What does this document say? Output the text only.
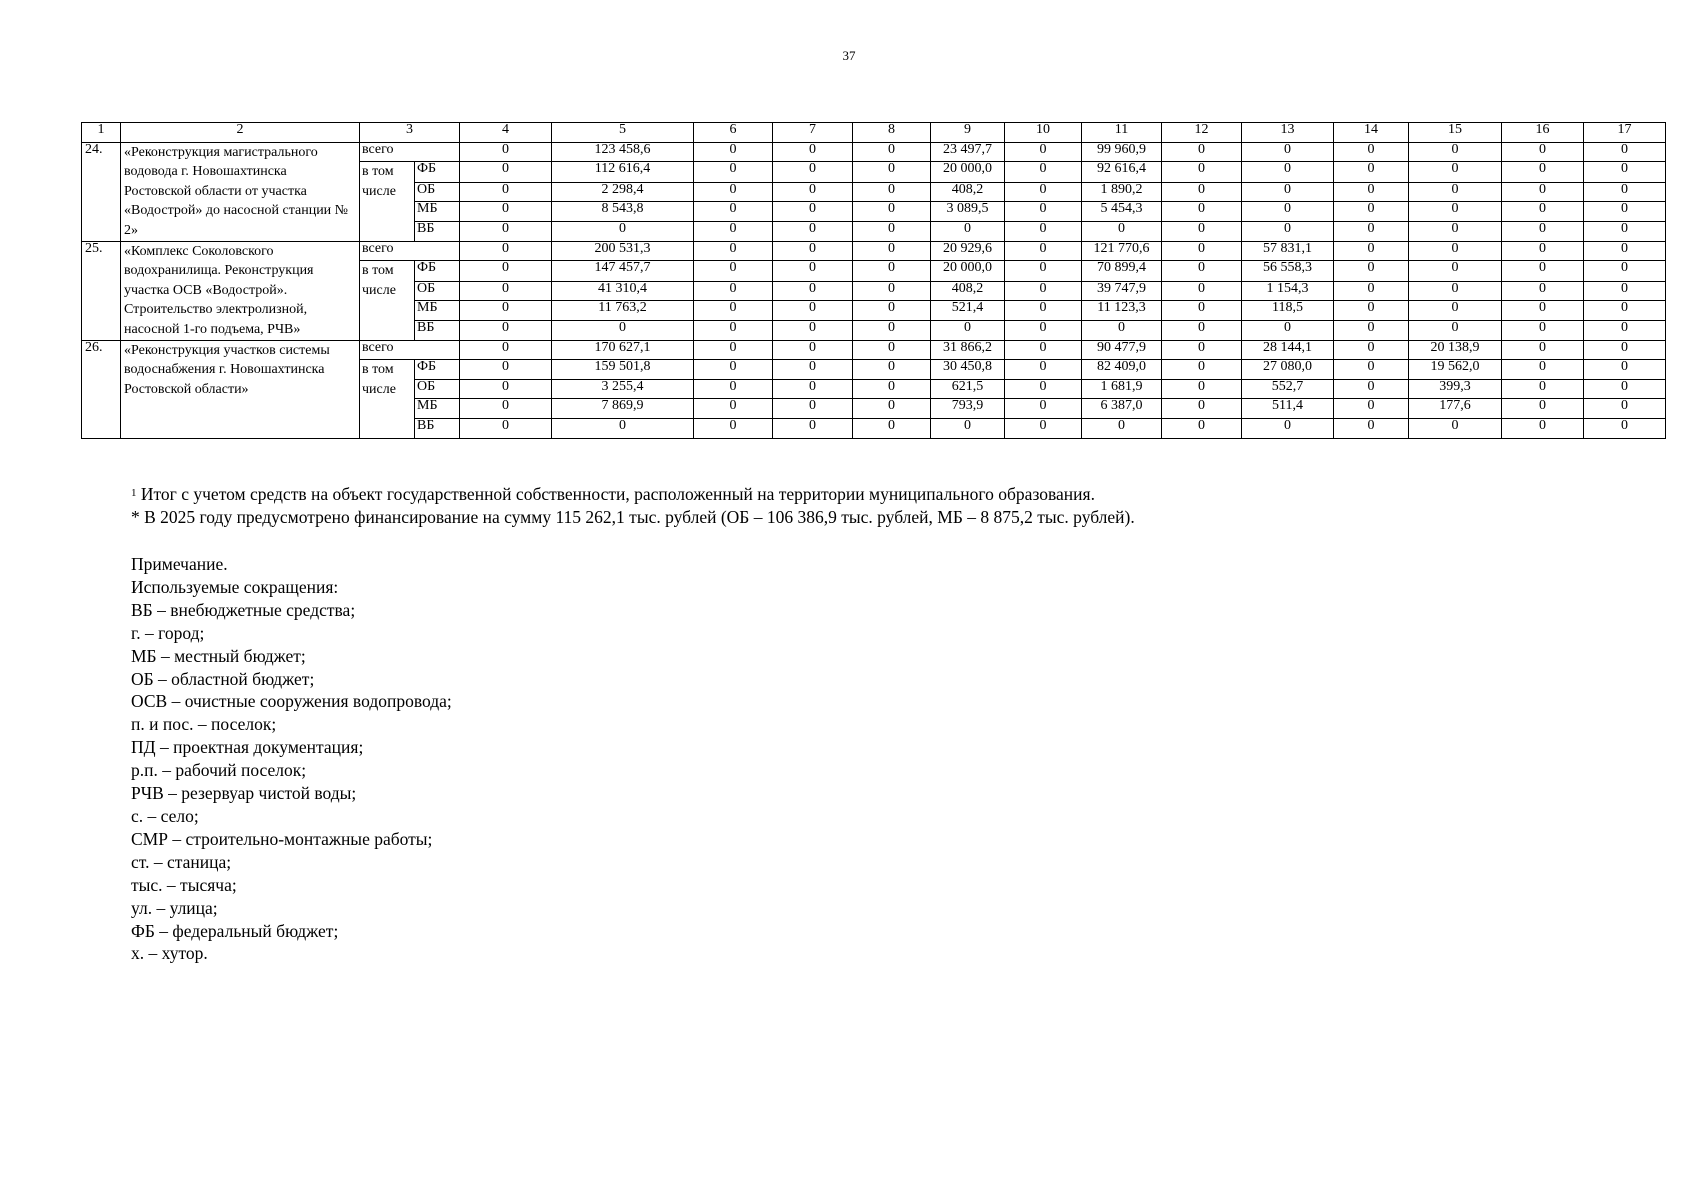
37
1	2	3		4	5	6	7	8	9	10	11	12	13	14	15	16	17
24.	«Реконструкция магистрального водовода г. Новошахтинска Ростовской области от участка «Водострой» до насосной станции № 2»	всего		0	123 458,6	0	0	0	23 497,7	0	99 960,9	0	0	0	0	0	0
		в том числе	ФБ	0	112 616,4	0	0	0	20 000,0	0	92 616,4	0	0	0	0	0	0
			ОБ	0	2 298,4	0	0	0	408,2	0	1 890,2	0	0	0	0	0	0
			МБ	0	8 543,8	0	0	0	3 089,5	0	5 454,3	0	0	0	0	0	0
			ВБ	0	0	0	0	0	0	0	0	0	0	0	0	0	0
25.	«Комплекс Соколовского водохранилища. Реконструкция участка ОСВ «Водострой». Строительство электролизной, насосной 1-го подъема, РЧВ»	всего		0	200 531,3	0	0	0	20 929,6	0	121 770,6	0	57 831,1	0	0	0	0
		в том числе	ФБ	0	147 457,7	0	0	0	20 000,0	0	70 899,4	0	56 558,3	0	0	0	0
			ОБ	0	41 310,4	0	0	0	408,2	0	39 747,9	0	1 154,3	0	0	0	0
			МБ	0	11 763,2	0	0	0	521,4	0	11 123,3	0	118,5	0	0	0	0
			ВБ	0	0	0	0	0	0	0	0	0	0	0	0	0	0
26.	«Реконструкция участков системы водоснабжения г. Новошахтинска Ростовской области»	всего		0	170 627,1	0	0	0	31 866,2	0	90 477,9	0	28 144,1	0	20 138,9	0	0
		в том числе	ФБ	0	159 501,8	0	0	0	30 450,8	0	82 409,0	0	27 080,0	0	19 562,0	0	0
			ОБ	0	3 255,4	0	0	0	621,5	0	1 681,9	0	552,7	0	399,3	0	0
			МБ	0	7 869,9	0	0	0	793,9	0	6 387,0	0	511,4	0	177,6	0	0
			ВБ	0	0	0	0	0	0	0	0	0	0	0	0	0	0
$^1$ Итог с учетом средств на объект государственной собственности, расположенный на территории муниципального образования.
* В 2025 году предусмотрено финансирование на сумму 115 262,1 тыс. рублей (ОБ – 106 386,9 тыс. рублей, МБ – 8 875,2 тыс. рублей).
Примечание.
Используемые сокращения:
ВБ – внебюджетные средства;
г. – город;
МБ – местный бюджет;
ОБ – областной бюджет;
ОСВ – очистные сооружения водопровода;
п. и пос. – поселок;
ПД – проектная документация;
р.п. – рабочий поселок;
РЧВ – резервуар чистой воды;
с. – село;
СМР – строительно-монтажные работы;
ст. – станица;
тыс. – тысяча;
ул. – улица;
ФБ – федеральный бюджет;
х. – хутор.
